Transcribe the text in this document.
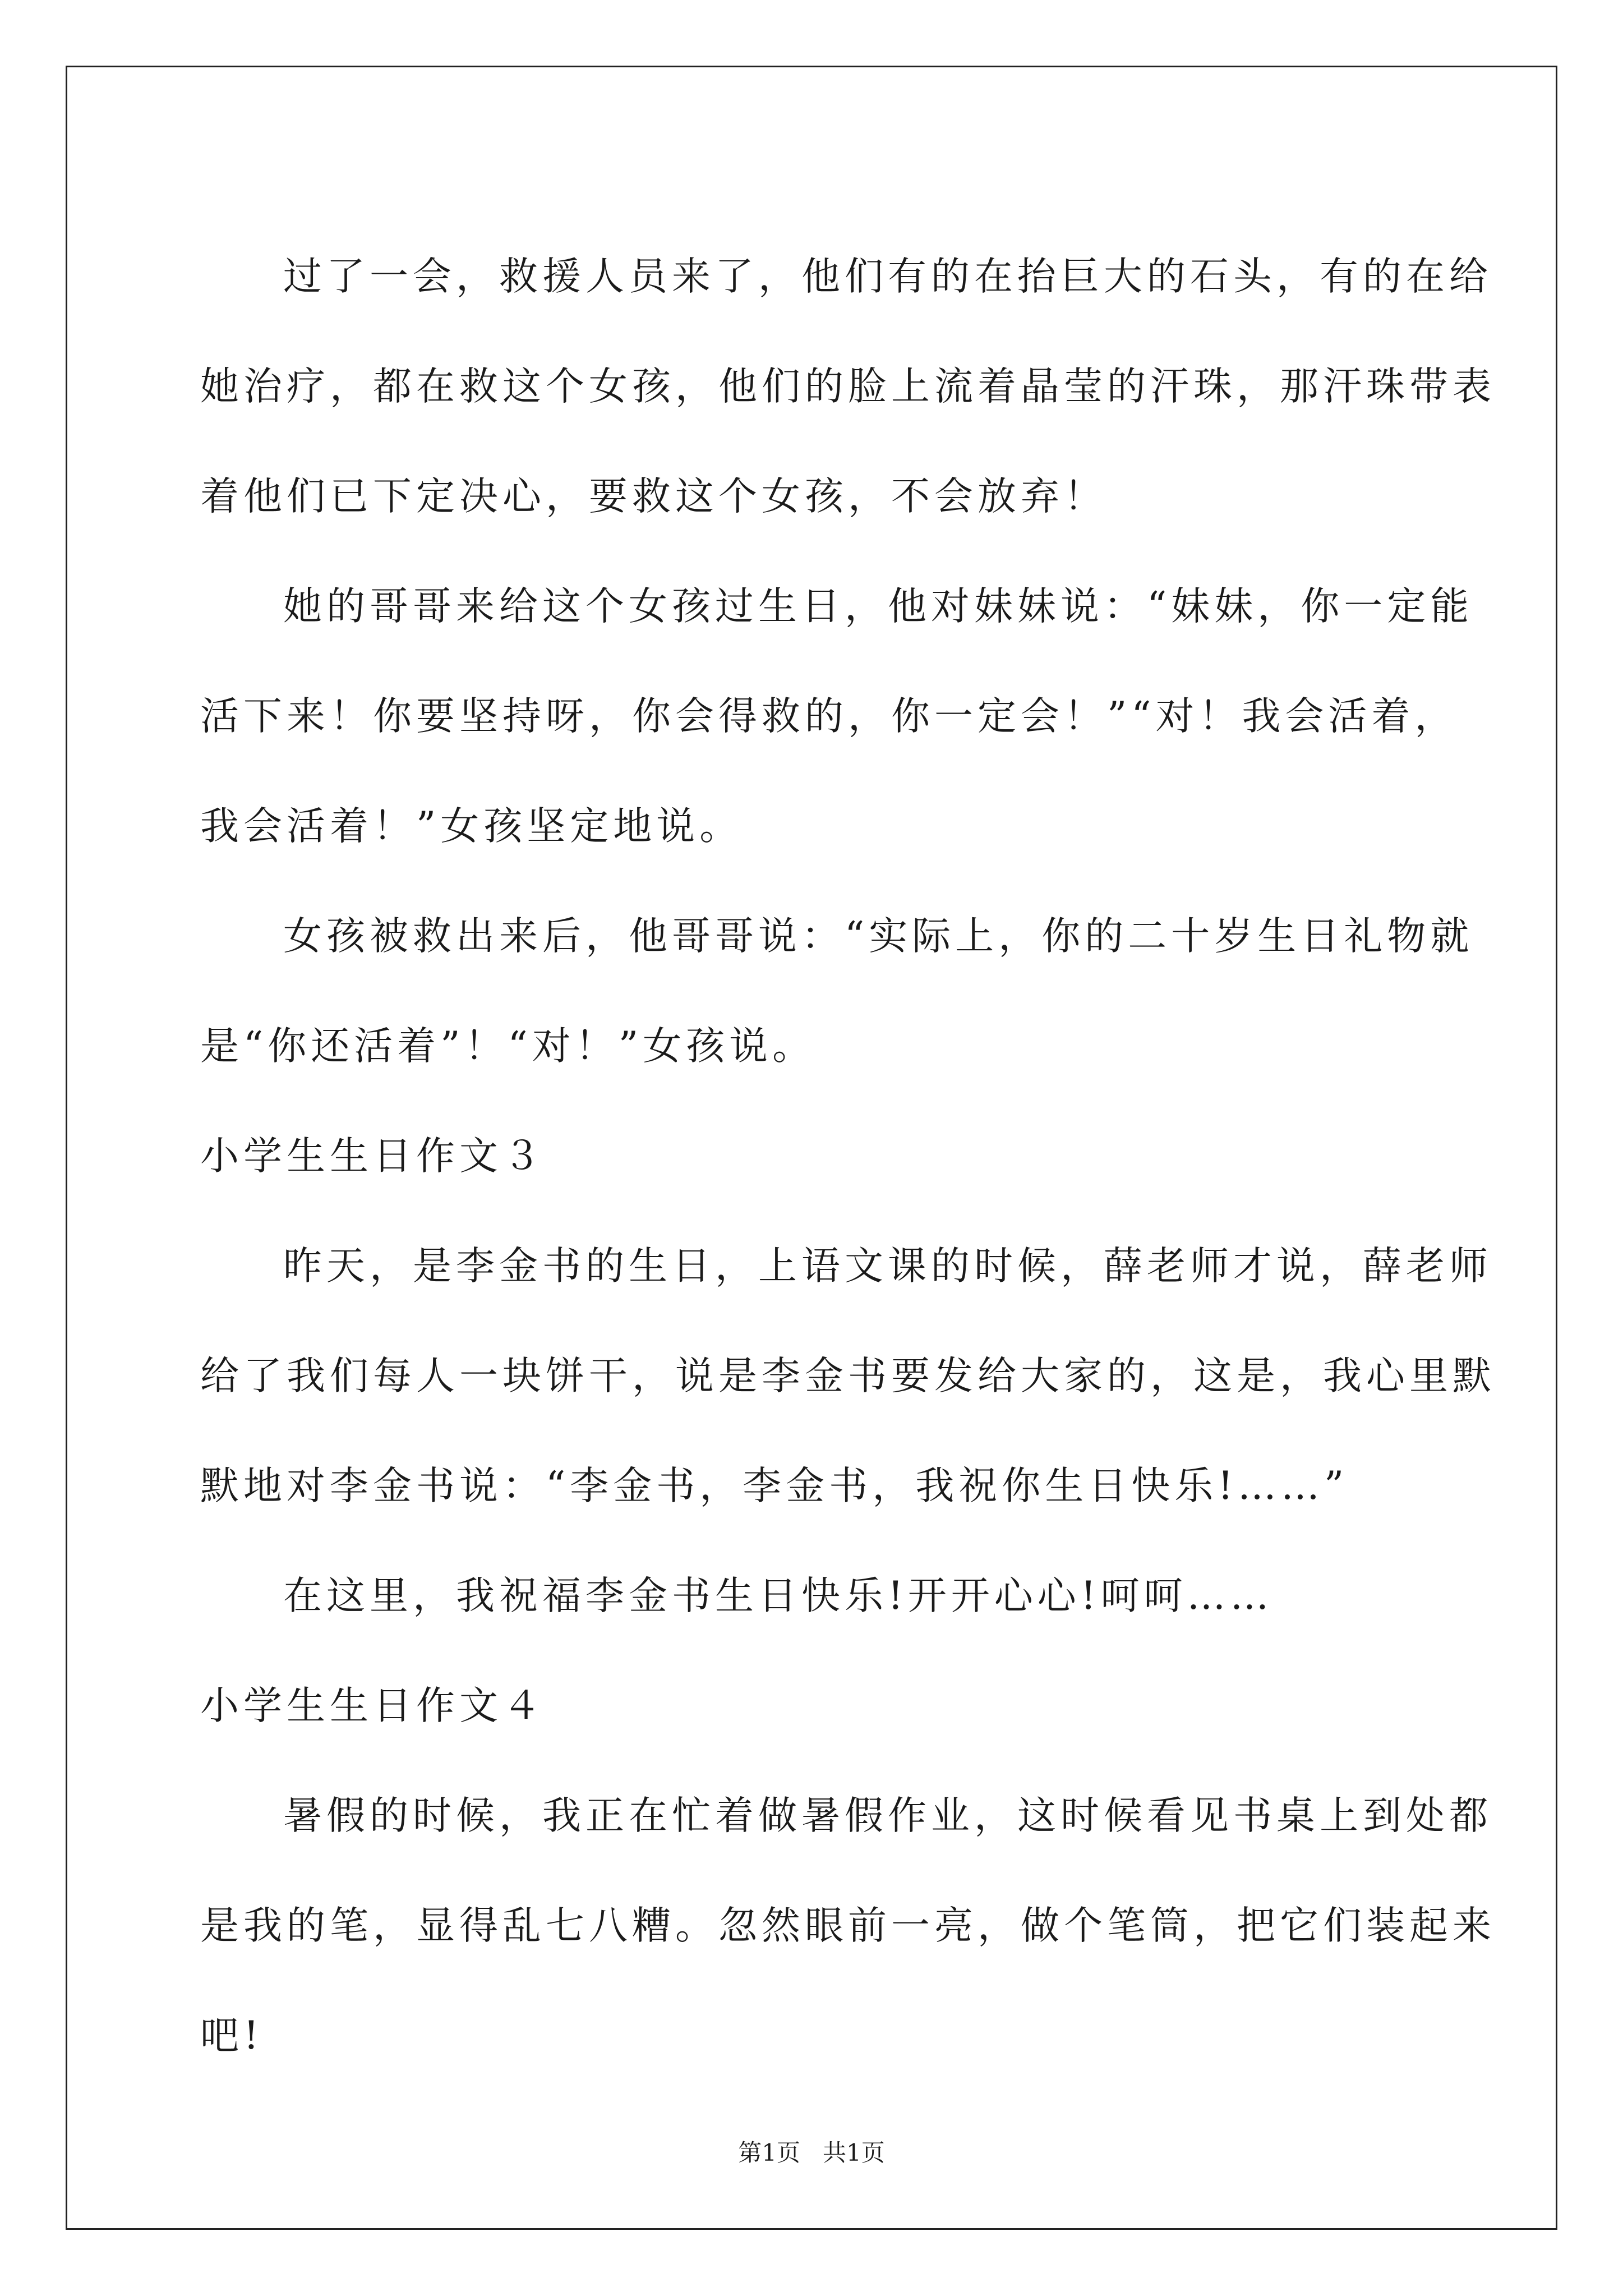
过了一会，救援人员来了，他们有的在抬巨大的石头，有的在给
她治疗，都在救这个女孩，他们的脸上流着晶莹的汗珠，那汗珠带表
着他们已下定决心，要救这个女孩，不会放弃！
她的哥哥来给这个女孩过生日，他对妹妹说：“妹妹，你一定能
活下来！你要坚持呀，你会得救的，你一定会！”“对！我会活着，
我会活着！”女孩坚定地说。
女孩被救出来后，他哥哥说：“实际上，你的二十岁生日礼物就
是“你还活着”！“对！”女孩说。
小学生生日作文３
昨天，是李金书的生日，上语文课的时候，薛老师才说，薛老师
给了我们每人一块饼干，说是李金书要发给大家的，这是，我心里默
默地对李金书说：“李金书，李金书，我祝你生日快乐!……”
在这里，我祝福李金书生日快乐!开开心心!呵呵……
小学生生日作文４
暑假的时候，我正在忙着做暑假作业，这时候看见书桌上到处都
是我的笔，显得乱七八糟。忽然眼前一亮，做个笔筒，把它们装起来
吧!
第1页   共1页
